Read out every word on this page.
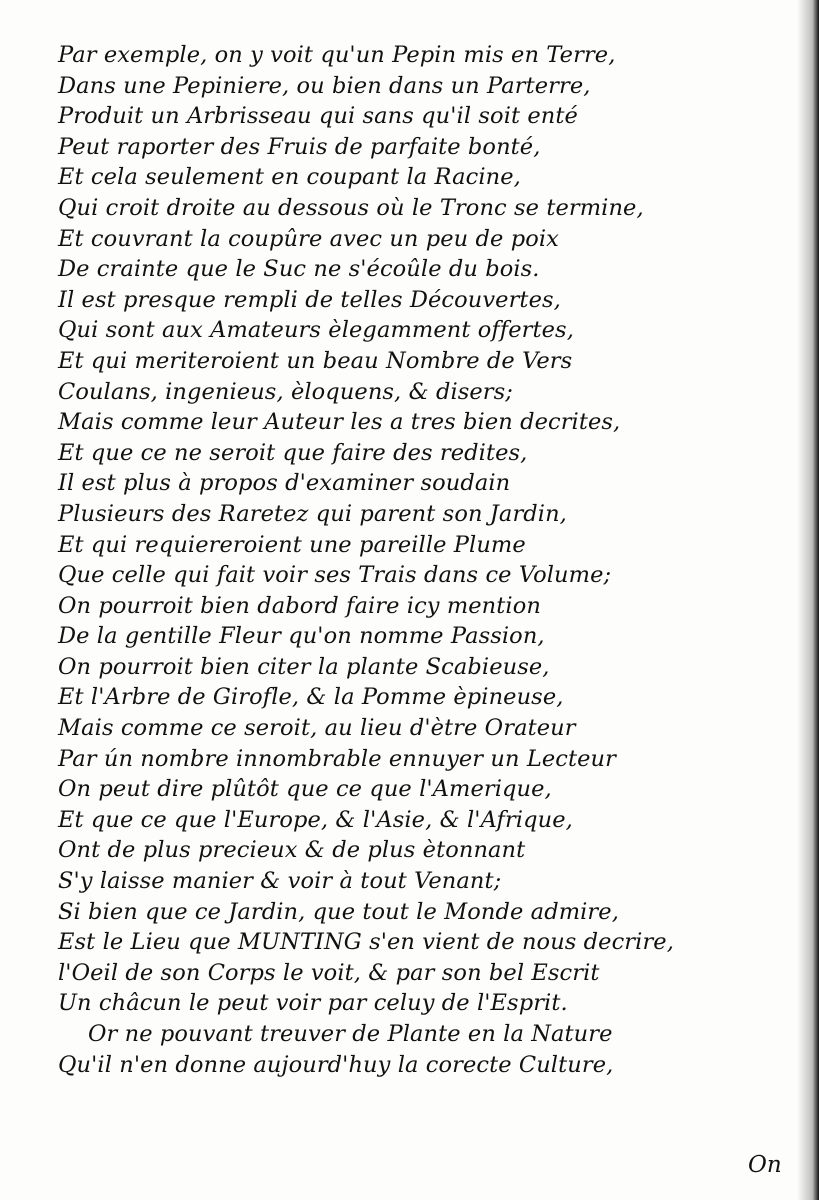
Par exemple, on y voit qu'un Pepin mis en Terre,
Dans une Pepiniere, ou bien dans un Parterre,
Produit un Arbrisseau qui sans qu'il soit enté
Peut raporter des Fruis de parfaite bonté,
Et cela seulement en coupant la Racine,
Qui croit droite au dessous où le Tronc se termine,
Et couvrant la coupûre avec un peu de poix
De crainte que le Suc ne s'écoûle du bois.
Il est presque rempli de telles Découvertes,
Qui sont aux Amateurs èlegamment offertes,
Et qui meriteroient un beau Nombre de Vers
Coulans, ingenieus, èloquens, & disers;
Mais comme leur Auteur les a tres bien decrites,
Et que ce ne seroit que faire des redites,
Il est plus à propos d'examiner soudain
Plusieurs des Raretez qui parent son Jardin,
Et qui requiereroient une pareille Plume
Que celle qui fait voir ses Trais dans ce Volume;
On pourroit bien dabord faire icy mention
De la gentille Fleur qu'on nomme Passion,
On pourroit bien citer la plante Scabieuse,
Et l'Arbre de Girofle, & la Pomme èpineuse,
Mais comme ce seroit, au lieu d'ètre Orateur
Par ún nombre innombrable ennuyer un Lecteur
On peut dire plûtôt que ce que l'Amerique,
Et que ce que l'Europe, & l'Asie, & l'Afrique,
Ont de plus precieux & de plus ètonnant
S'y laisse manier & voir à tout Venant;
Si bien que ce Jardin, que tout le Monde admire,
Est le Lieu que MUNTING s'en vient de nous decrire,
l'Oeil de son Corps le voit, & par son bel Escrit
Un châcun le peut voir par celuy de l'Esprit.
Or ne pouvant treuver de Plante en la Nature
Qu'il n'en donne aujourd'huy la corecte Culture,
On
